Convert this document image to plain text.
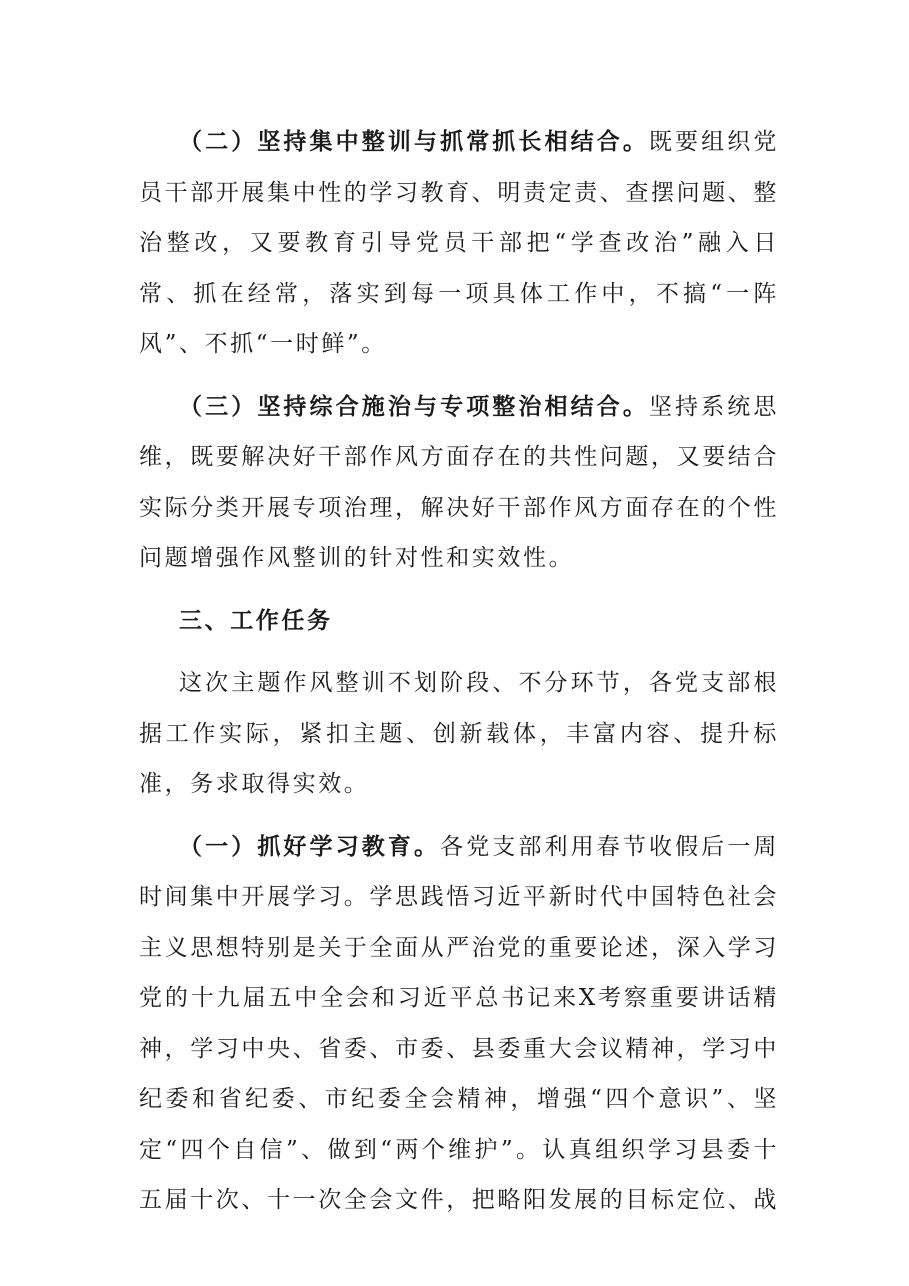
（二）坚持集中整训与抓常抓长相结合。既要组织党员干部开展集中性的学习教育、明责定责、查摆问题、整治整改，又要教育引导党员干部把“学查改治”融入日常、抓在经常，落实到每一项具体工作中，不搞“一阵风”、不抓“一时鲜”。

（三）坚持综合施治与专项整治相结合。坚持系统思维，既要解决好干部作风方面存在的共性问题，又要结合实际分类开展专项治理，解决好干部作风方面存在的个性问题增强作风整训的针对性和实效性。

三、工作任务

这次主题作风整训不划阶段、不分环节，各党支部根据工作实际，紧扣主题、创新载体，丰富内容、提升标准，务求取得实效。

（一）抓好学习教育。各党支部利用春节收假后一周时间集中开展学习。学思践悟习近平新时代中国特色社会主义思想特别是关于全面从严治党的重要论述，深入学习党的十九届五中全会和习近平总书记来X考察重要讲话精神，学习中央、省委、市委、县委重大会议精神，学习中纪委和省纪委、市纪委全会精神，增强“四个意识”、坚定“四个自信”、做到“两个维护”。认真组织学习县委十五届十次、十一次全会文件，把略阳发展的目标定位、战
